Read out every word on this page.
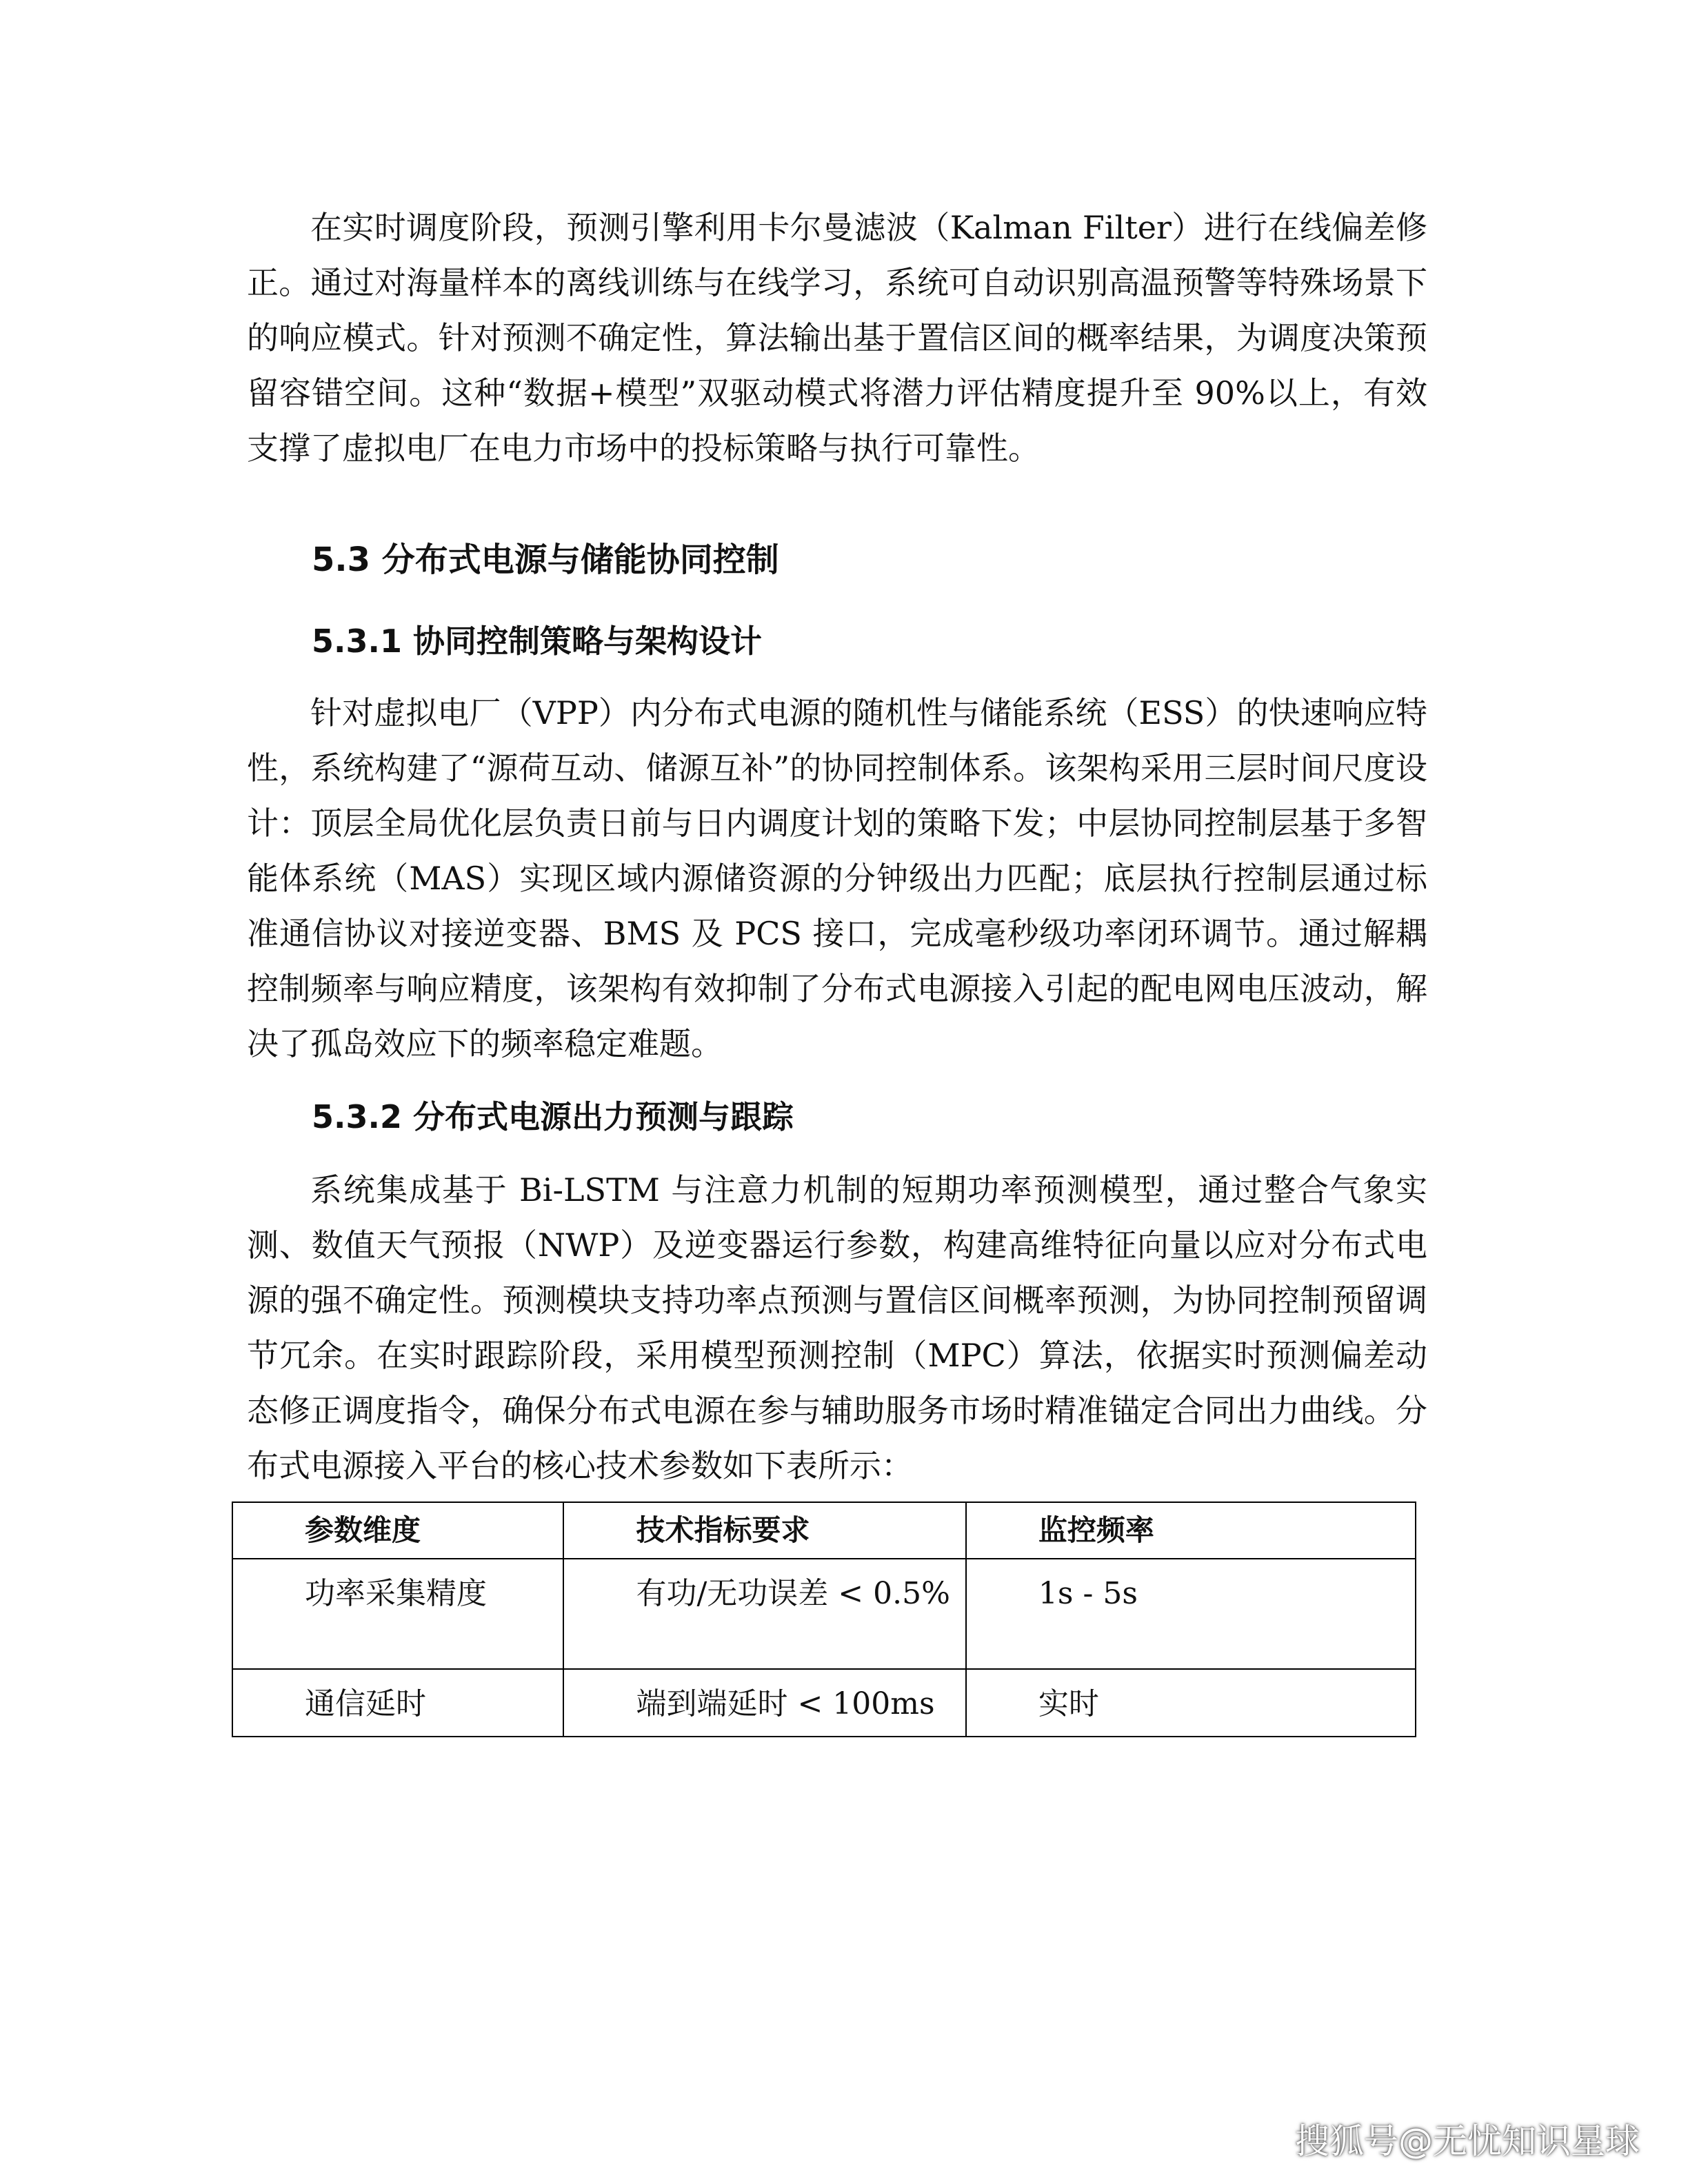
在实时调度阶段，预测引擎利用卡尔曼滤波（Kalman Filter）进行在线偏差修正。通过对海量样本的离线训练与在线学习，系统可自动识别高温预警等特殊场景下的响应模式。针对预测不确定性，算法输出基于置信区间的概率结果，为调度决策预留容错空间。这种“数据+模型”双驱动模式将潜力评估精度提升至 90%以上，有效支撑了虚拟电厂在电力市场中的投标策略与执行可靠性。

5.3 分布式电源与储能协同控制
5.3.1 协同控制策略与架构设计

针对虚拟电厂（VPP）内分布式电源的随机性与储能系统（ESS）的快速响应特性，系统构建了“源荷互动、储源互补”的协同控制体系。该架构采用三层时间尺度设计：顶层全局优化层负责日前与日内调度计划的策略下发；中层协同控制层基于多智能体系统（MAS）实现区域内源储资源的分钟级出力匹配；底层执行控制层通过标准通信协议对接逆变器、BMS 及 PCS 接口，完成毫秒级功率闭环调节。通过解耦控制频率与响应精度，该架构有效抑制了分布式电源接入引起的配电网电压波动，解决了孤岛效应下的频率稳定难题。

5.3.2 分布式电源出力预测与跟踪

系统集成基于 Bi-LSTM 与注意力机制的短期功率预测模型，通过整合气象实测、数值天气预报（NWP）及逆变器运行参数，构建高维特征向量以应对分布式电源的强不确定性。预测模块支持功率点预测与置信区间概率预测，为协同控制预留调节冗余。在实时跟踪阶段，采用模型预测控制（MPC）算法，依据实时预测偏差动态修正调度指令，确保分布式电源在参与辅助服务市场时精准锚定合同出力曲线。分布式电源接入平台的核心技术参数如下表所示：

参数维度	技术指标要求	监控频率
功率采集精度	有功/无功误差 < 0.5%	1s - 5s
通信延时	端到端延时 < 100ms	实时
搜狐号@无忧知识星球
